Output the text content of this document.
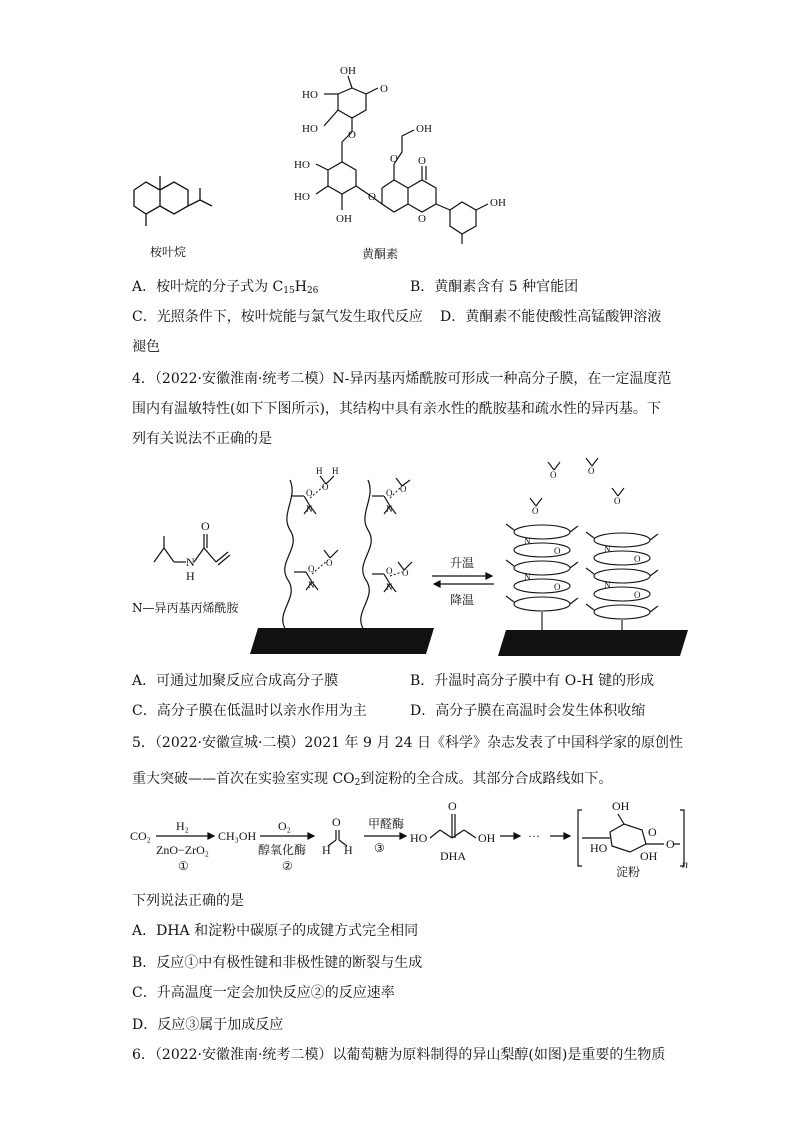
桉叶烷
OH
HO
HO
O
O
HO
HO
OH
O
O
OH
O
O
OH
黄酮素
A．桉叶烷的分子式为 $C_{15}H_{26}$	B．黄酮素含有 5 种官能团
C．光照条件下，桉叶烷能与氯气发生取代反应 D．黄酮素不能使酸性高锰酸钾溶液
褪色
4．（2022·安徽淮南·统考二模）N-异丙基丙烯酰胺可形成一种高分子膜，在一定温度范
围内有温敏特性(如下下图所示)，其结构中具有亲水性的酰胺基和疏水性的异丙基。下
列有关说法不正确的是
N
H
O
N—异丙基丙烯酰胺
O
N
O
H H
O
N
O
O
N
O
O
N
O
升温
降温
O	O
O
O
N
O
N
O
N
O
N
O
A．可通过加聚反应合成高分子膜	B．升温时高分子膜中有 O-H 键的形成
C．高分子膜在低温时以亲水作用为主	D．高分子膜在高温时会发生体积收缩
5．（2022·安徽宣城·二模）2021 年 9 月 24 日《科学》杂志发表了中国科学家的原创性
重大突破——首次在实验室实现 $CO_2$到淀粉的全合成。其部分合成路线如下。
CO₂
H₂
ZnO−ZrO₂
①
CH₃OH
O₂
醇氧化酶
②
O
H H
甲醛酶
③
HO
O
OH
DHA
···
OH
O
O
HO
OH
淀粉
n
下列说法正确的是
A．DHA 和淀粉中碳原子的成键方式完全相同
B．反应①中有极性键和非极性键的断裂与生成
C．升高温度一定会加快反应②的反应速率
D．反应③属于加成反应
6．（2022·安徽淮南·统考二模）以葡萄糖为原料制得的异山梨醇(如图)是重要的生物质
